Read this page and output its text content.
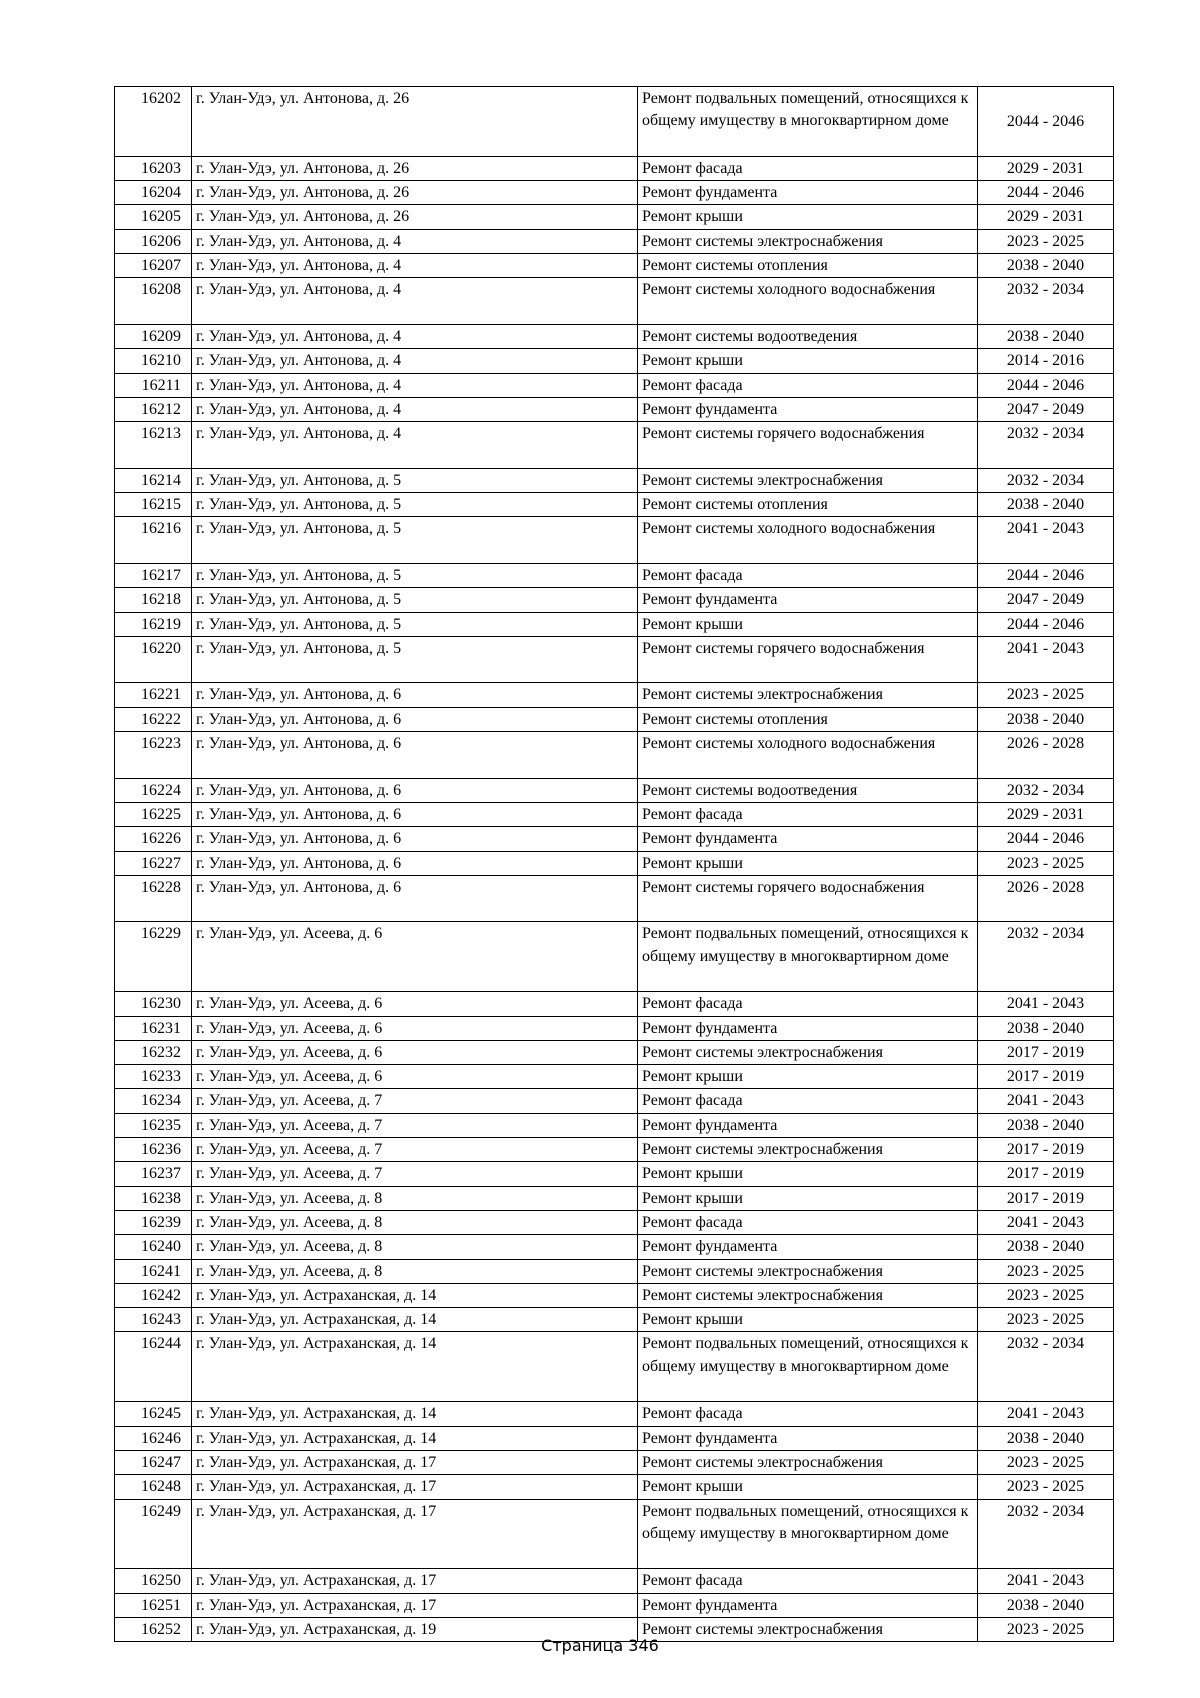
16202	г. Улан-Удэ, ул. Антонова, д. 26	Ремонт подвальных помещений, относящихся к общему имуществу в многоквартирном доме	2044 - 2046
16203	г. Улан-Удэ, ул. Антонова, д. 26	Ремонт фасада	2029 - 2031
16204	г. Улан-Удэ, ул. Антонова, д. 26	Ремонт фундамента	2044 - 2046
16205	г. Улан-Удэ, ул. Антонова, д. 26	Ремонт крыши	2029 - 2031
16206	г. Улан-Удэ, ул. Антонова, д. 4	Ремонт системы электроснабжения	2023 - 2025
16207	г. Улан-Удэ, ул. Антонова, д. 4	Ремонт системы отопления	2038 - 2040
16208	г. Улан-Удэ, ул. Антонова, д. 4	Ремонт системы холодного водоснабжения	2032 - 2034
16209	г. Улан-Удэ, ул. Антонова, д. 4	Ремонт системы водоотведения	2038 - 2040
16210	г. Улан-Удэ, ул. Антонова, д. 4	Ремонт крыши	2014 - 2016
16211	г. Улан-Удэ, ул. Антонова, д. 4	Ремонт фасада	2044 - 2046
16212	г. Улан-Удэ, ул. Антонова, д. 4	Ремонт фундамента	2047 - 2049
16213	г. Улан-Удэ, ул. Антонова, д. 4	Ремонт системы горячего водоснабжения	2032 - 2034
16214	г. Улан-Удэ, ул. Антонова, д. 5	Ремонт системы электроснабжения	2032 - 2034
16215	г. Улан-Удэ, ул. Антонова, д. 5	Ремонт системы отопления	2038 - 2040
16216	г. Улан-Удэ, ул. Антонова, д. 5	Ремонт системы холодного водоснабжения	2041 - 2043
16217	г. Улан-Удэ, ул. Антонова, д. 5	Ремонт фасада	2044 - 2046
16218	г. Улан-Удэ, ул. Антонова, д. 5	Ремонт фундамента	2047 - 2049
16219	г. Улан-Удэ, ул. Антонова, д. 5	Ремонт крыши	2044 - 2046
16220	г. Улан-Удэ, ул. Антонова, д. 5	Ремонт системы горячего водоснабжения	2041 - 2043
16221	г. Улан-Удэ, ул. Антонова, д. 6	Ремонт системы электроснабжения	2023 - 2025
16222	г. Улан-Удэ, ул. Антонова, д. 6	Ремонт системы отопления	2038 - 2040
16223	г. Улан-Удэ, ул. Антонова, д. 6	Ремонт системы холодного водоснабжения	2026 - 2028
16224	г. Улан-Удэ, ул. Антонова, д. 6	Ремонт системы водоотведения	2032 - 2034
16225	г. Улан-Удэ, ул. Антонова, д. 6	Ремонт фасада	2029 - 2031
16226	г. Улан-Удэ, ул. Антонова, д. 6	Ремонт фундамента	2044 - 2046
16227	г. Улан-Удэ, ул. Антонова, д. 6	Ремонт крыши	2023 - 2025
16228	г. Улан-Удэ, ул. Антонова, д. 6	Ремонт системы горячего водоснабжения	2026 - 2028
16229	г. Улан-Удэ, ул. Асеева, д. 6	Ремонт подвальных помещений, относящихся к общему имуществу в многоквартирном доме	2032 - 2034
16230	г. Улан-Удэ, ул. Асеева, д. 6	Ремонт фасада	2041 - 2043
16231	г. Улан-Удэ, ул. Асеева, д. 6	Ремонт фундамента	2038 - 2040
16232	г. Улан-Удэ, ул. Асеева, д. 6	Ремонт системы электроснабжения	2017 - 2019
16233	г. Улан-Удэ, ул. Асеева, д. 6	Ремонт крыши	2017 - 2019
16234	г. Улан-Удэ, ул. Асеева, д. 7	Ремонт фасада	2041 - 2043
16235	г. Улан-Удэ, ул. Асеева, д. 7	Ремонт фундамента	2038 - 2040
16236	г. Улан-Удэ, ул. Асеева, д. 7	Ремонт системы электроснабжения	2017 - 2019
16237	г. Улан-Удэ, ул. Асеева, д. 7	Ремонт крыши	2017 - 2019
16238	г. Улан-Удэ, ул. Асеева, д. 8	Ремонт крыши	2017 - 2019
16239	г. Улан-Удэ, ул. Асеева, д. 8	Ремонт фасада	2041 - 2043
16240	г. Улан-Удэ, ул. Асеева, д. 8	Ремонт фундамента	2038 - 2040
16241	г. Улан-Удэ, ул. Асеева, д. 8	Ремонт системы электроснабжения	2023 - 2025
16242	г. Улан-Удэ, ул. Астраханская, д. 14	Ремонт системы электроснабжения	2023 - 2025
16243	г. Улан-Удэ, ул. Астраханская, д. 14	Ремонт крыши	2023 - 2025
16244	г. Улан-Удэ, ул. Астраханская, д. 14	Ремонт подвальных помещений, относящихся к общему имуществу в многоквартирном доме	2032 - 2034
16245	г. Улан-Удэ, ул. Астраханская, д. 14	Ремонт фасада	2041 - 2043
16246	г. Улан-Удэ, ул. Астраханская, д. 14	Ремонт фундамента	2038 - 2040
16247	г. Улан-Удэ, ул. Астраханская, д. 17	Ремонт системы электроснабжения	2023 - 2025
16248	г. Улан-Удэ, ул. Астраханская, д. 17	Ремонт крыши	2023 - 2025
16249	г. Улан-Удэ, ул. Астраханская, д. 17	Ремонт подвальных помещений, относящихся к общему имуществу в многоквартирном доме	2032 - 2034
16250	г. Улан-Удэ, ул. Астраханская, д. 17	Ремонт фасада	2041 - 2043
16251	г. Улан-Удэ, ул. Астраханская, д. 17	Ремонт фундамента	2038 - 2040
16252	г. Улан-Удэ, ул. Астраханская, д. 19	Ремонт системы электроснабжения	2023 - 2025
Страница 346
